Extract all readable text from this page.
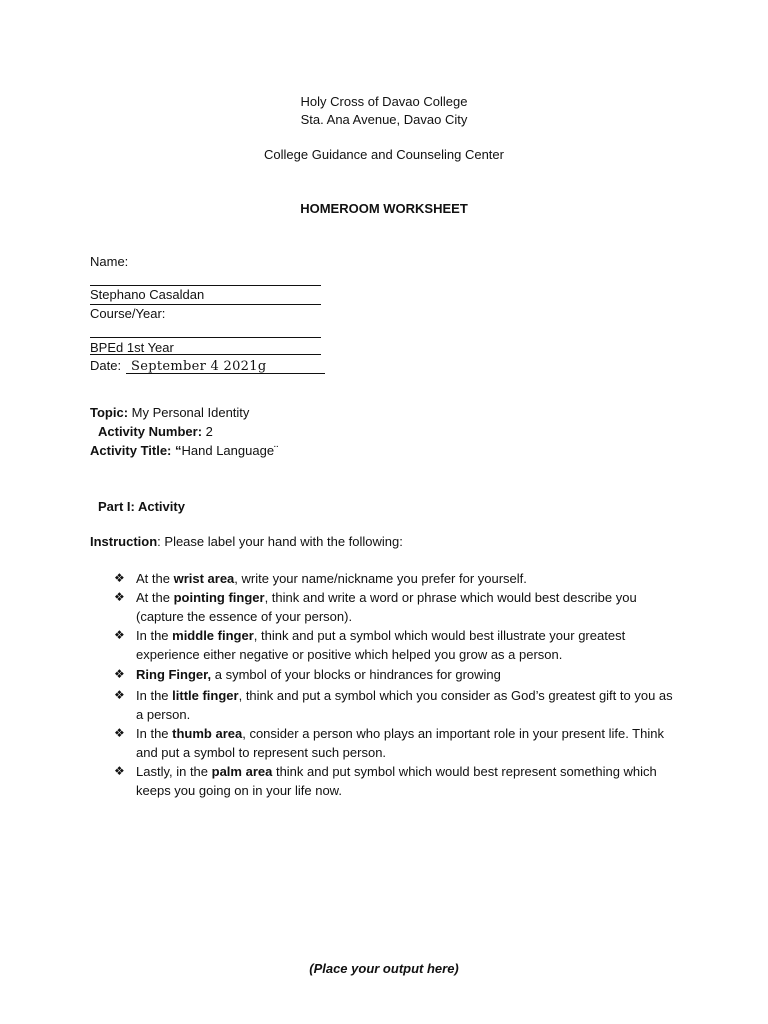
Holy Cross of Davao College
Sta. Ana Avenue, Davao City
College Guidance and Counseling Center
HOMEROOM WORKSHEET
Name:
Stephano Casaldan
Course/Year:
BPEd 1st Year
Date: September 4 2021g
Topic: My Personal Identity
Activity Number: 2
Activity Title: “Hand Language¨
Part I: Activity
Instruction: Please label your hand with the following:
❖ At the wrist area, write your name/nickname you prefer for yourself.
❖ At the pointing finger, think and write a word or phrase which would best describe you (capture the essence of your person).
❖ In the middle finger, think and put a symbol which would best illustrate your greatest experience either negative or positive which helped you grow as a person.
❖ Ring Finger, a symbol of your blocks or hindrances for growing
❖ In the little finger, think and put a symbol which you consider as God’s greatest gift to you as a person.
❖ In the thumb area, consider a person who plays an important role in your present life. Think and put a symbol to represent such person.
❖ Lastly, in the palm area think and put symbol which would best represent something which keeps you going on in your life now.
(Place your output here)
